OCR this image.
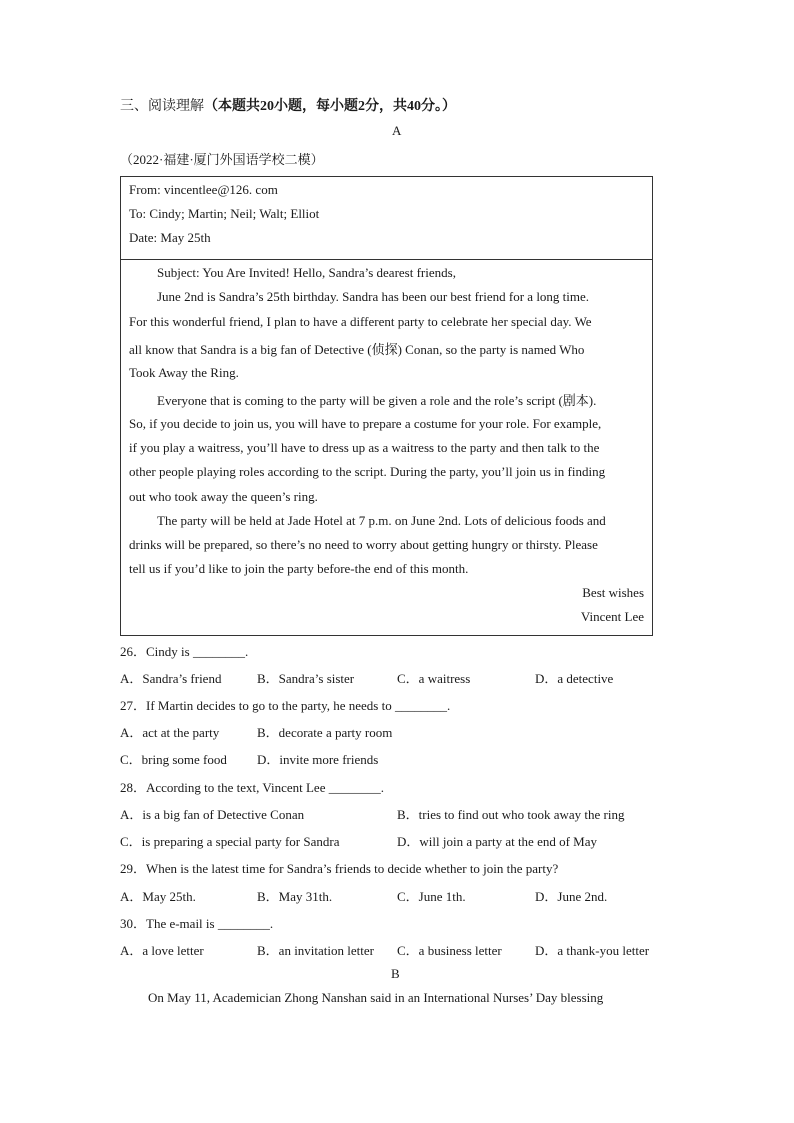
三、阅读理解（本题共20小题，每小题2分，共40分。）
A
（2022·福建·厦门外国语学校二模）
From: vincentlee@126. com
To: Cindy; Martin; Neil; Walt; Elliot
Date: May 25th
Subject: You Are Invited! Hello, Sandra’s dearest friends,
June 2nd is Sandra’s 25th birthday. Sandra has been our best friend for a long time.
For this wonderful friend, I plan to have a different party to celebrate her special day. We
all know that Sandra is a big fan of Detective (侦探) Conan, so the party is named Who
Took Away the Ring.
Everyone that is coming to the party will be given a role and the role’s script (剧本).
So, if you decide to join us, you will have to prepare a costume for your role. For example,
if you play a waitress, you’ll have to dress up as a waitress to the party and then talk to the
other people playing roles according to the script. During the party, you’ll join us in finding
out who took away the queen’s ring.
The party will be held at Jade Hotel at 7 p.m. on June 2nd. Lots of delicious foods and
drinks will be prepared, so there’s no need to worry about getting hungry or thirsty. Please
tell us if you’d like to join the party before-the end of this month.
Best wishes
Vincent Lee
26．Cindy is ________.
A．Sandra’s friend	B．Sandra’s sister	C．a waitress	D．a detective
27．If Martin decides to go to the party, he needs to ________.
A．act at the party	B．decorate a party room
C．bring some food D．invite more friends
28．According to the text, Vincent Lee ________.
A．is a big fan of Detective Conan	B．tries to find out who took away the ring
C．is preparing a special party for Sandra	D．will join a party at the end of May
29．When is the latest time for Sandra’s friends to decide whether to join the party?
A．May 25th.	B．May 31th.	C．June 1th.	D．June 2nd.
30．The e-mail is ________.
A．a love letter	B．an invitation letter C．a business letter	D．a thank-you letter
B
On May 11, Academician Zhong Nanshan said in an International Nurses’ Day blessing
